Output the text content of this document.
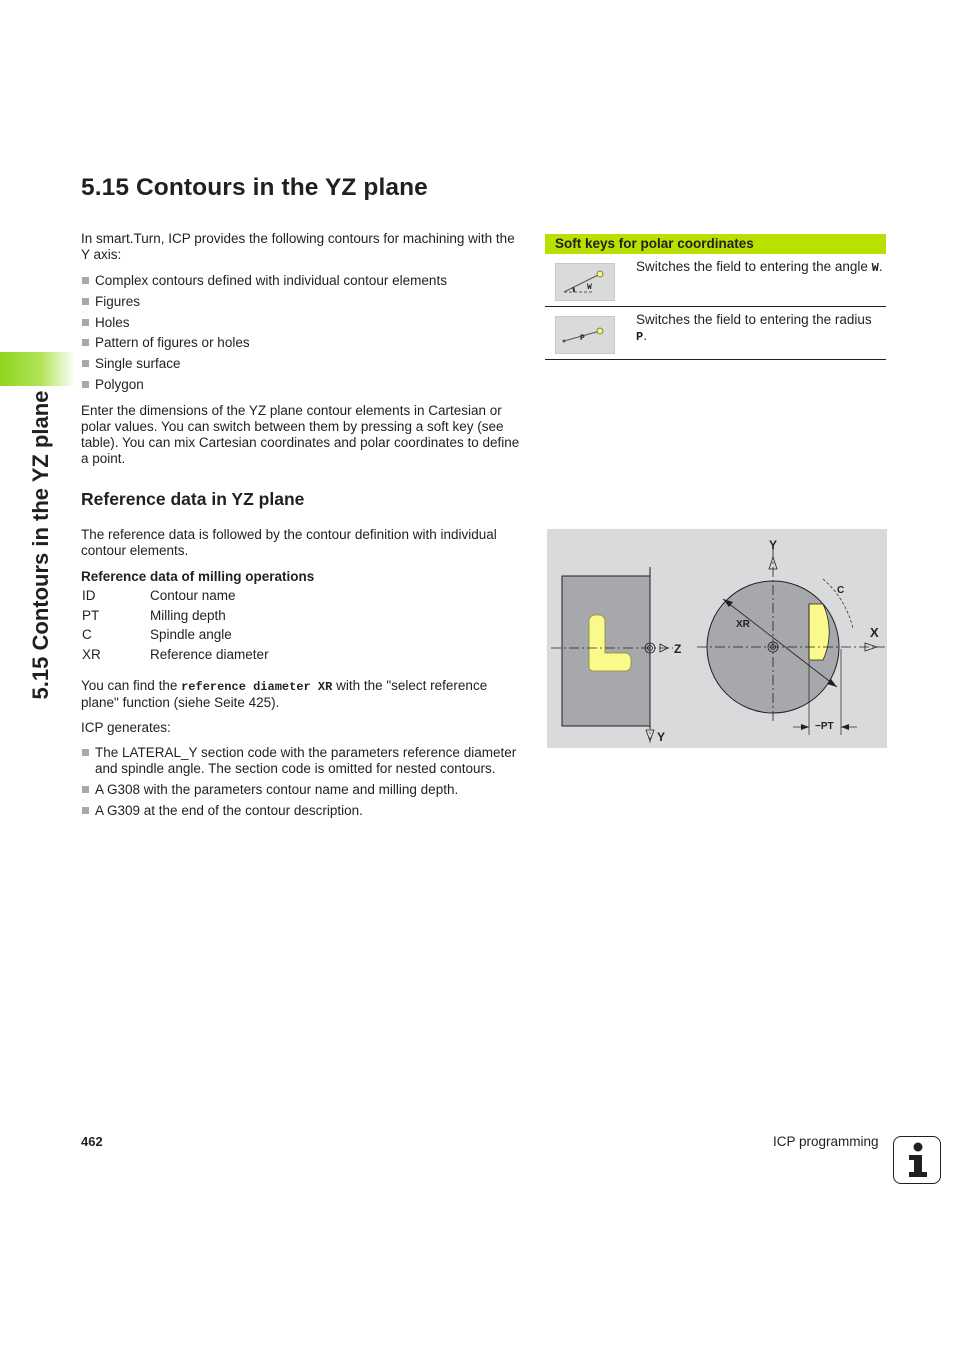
5.15 Contours in the YZ plane
5.15 Contours in the YZ plane
In smart.Turn, ICP provides the following contours for machining with the Y axis:
Complex contours defined with individual contour elements
Figures
Holes
Pattern of figures or holes
Single surface
Polygon
Enter the dimensions of the YZ plane contour elements in Cartesian or polar values. You can switch between them by pressing a soft key (see table). You can mix Cartesian coordinates and polar coordinates to define a point.
Soft keys for polar coordinates
W
Switches the field to entering the angle W.
P
Switches the field to entering the radius P.
Reference data in YZ plane
The reference data is followed by the contour definition with individual contour elements.
Reference data of milling operations
ID	Contour name
PT	Milling depth
C	Spindle angle
XR	Reference diameter
You can find the reference diameter XR with the "select reference plane" function (siehe Seite 425).
ICP generates:
The LATERAL_Y section code with the parameters reference diameter and spindle angle. The section code is omitted for nested contours.
A G308 with the parameters contour name and milling depth.
A G309 at the end of the contour description.
Z
Y
Y
X
C
XR
−PT
462	ICP programming
